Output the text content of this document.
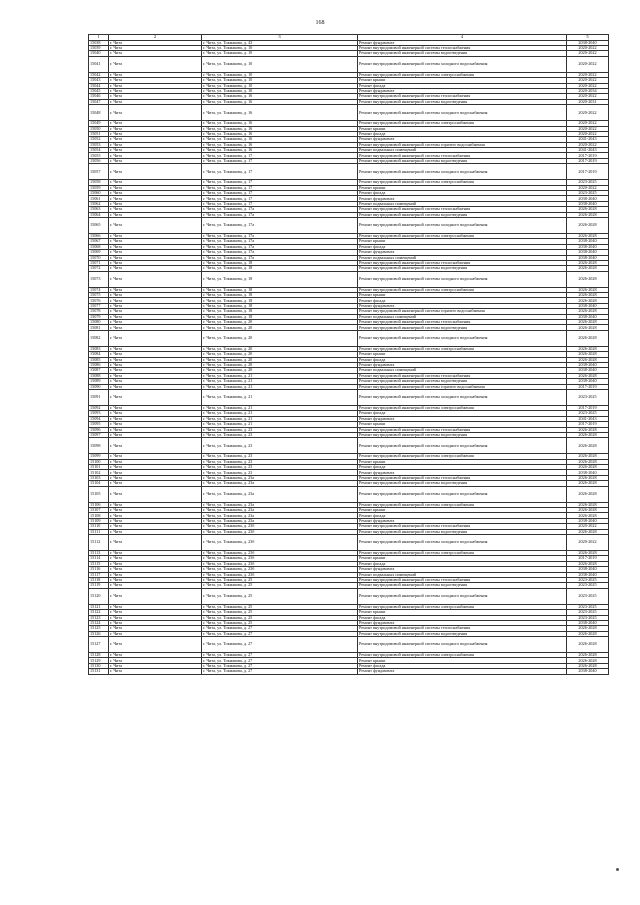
168
1	2	3	4	5
15038	г. Чита	г. Чита, ул. Токмакова, д. 43	Ремонт фундамента	2038-2040
15039	г. Чита	г. Чита, ул. Токмакова, д. 10	Ремонт внутридомовой инженерной системы теплоснабжения	2020-2022
15040	г. Чита	г. Чита, ул. Токмакова, д. 10	Ремонт внутридомовой инженерной системы водоотведения	2020-2022
15041	г. Чита	г. Чита, ул. Токмакова, д. 10	Ремонт внутридомовой инженерной системы холодного водоснабжения	2020-2022
15042	г. Чита	г. Чита, ул. Токмакова, д. 10	Ремонт внутридомовой инженерной системы электроснабжения	2020-2022
15043	г. Чита	г. Чита, ул. Токмакова, д. 10	Ремонт крыши	2020-2022
15044	г. Чита	г. Чита, ул. Токмакова, д. 10	Ремонт фасада	2020-2022
15045	г. Чита	г. Чита, ул. Токмакова, д. 10	Ремонт фундамента	2020-2034
15046	г. Чита	г. Чита, ул. Токмакова, д. 16	Ремонт внутридомовой инженерной системы теплоснабжения	2020-2022
15047	г. Чита	г. Чита, ул. Токмакова, д. 16	Ремонт внутридомовой инженерной системы водоотведения	2020-2031
15048	г. Чита	г. Чита, ул. Токмакова, д. 16	Ремонт внутридомовой инженерной системы холодного водоснабжения	2020-2022
15049	г. Чита	г. Чита, ул. Токмакова, д. 16	Ремонт внутридомовой инженерной системы электроснабжения	2020-2022
15050	г. Чита	г. Чита, ул. Токмакова, д. 16	Ремонт крыши	2020-2022
15051	г. Чита	г. Чита, ул. Токмакова, д. 16	Ремонт фасада	2020-2022
15052	г. Чита	г. Чита, ул. Токмакова, д. 16	Ремонт фундамента	2041-2043
15053	г. Чита	г. Чита, ул. Токмакова, д. 16	Ремонт внутридомовой инженерной системы горячего водоснабжения	2020-2022
15054	г. Чита	г. Чита, ул. Токмакова, д. 16	Ремонт подвальных помещений	2041-2043
15055	г. Чита	г. Чита, ул. Токмакова, д. 17	Ремонт внутридомовой инженерной системы теплоснабжения	2017-2019
15056	г. Чита	г. Чита, ул. Токмакова, д. 17	Ремонт внутридомовой инженерной системы водоотведения	2017-2019
15057	г. Чита	г. Чита, ул. Токмакова, д. 17	Ремонт внутридомовой инженерной системы холодного водоснабжения	2017-2019
15058	г. Чита	г. Чита, ул. Токмакова, д. 17	Ремонт внутридомовой инженерной системы электроснабжения	2023-2025
15059	г. Чита	г. Чита, ул. Токмакова, д. 17	Ремонт крыши	2020-2022
15060	г. Чита	г. Чита, ул. Токмакова, д. 17	Ремонт фасада	2023-2025
15061	г. Чита	г. Чита, ул. Токмакова, д. 17	Ремонт фундамента	2038-2040
15062	г. Чита	г. Чита, ул. Токмакова, д. 17	Ремонт подвальных помещений	2038-2040
15063	г. Чита	г. Чита, ул. Токмакова, д. 17а	Ремонт внутридомовой инженерной системы теплоснабжения	2026-2028
15064	г. Чита	г. Чита, ул. Токмакова, д. 17а	Ремонт внутридомовой инженерной системы водоотведения	2026-2028
15065	г. Чита	г. Чита, ул. Токмакова, д. 17а	Ремонт внутридомовой инженерной системы холодного водоснабжения	2026-2028
15066	г. Чита	г. Чита, ул. Токмакова, д. 17а	Ремонт внутридомовой инженерной системы электроснабжения	2026-2028
15067	г. Чита	г. Чита, ул. Токмакова, д. 17а	Ремонт крыши	2038-2040
15068	г. Чита	г. Чита, ул. Токмакова, д. 17а	Ремонт фасада	2038-2040
15069	г. Чита	г. Чита, ул. Токмакова, д. 17а	Ремонт фундамента	2038-2040
15070	г. Чита	г. Чита, ул. Токмакова, д. 17а	Ремонт подвальных помещений	2038-2040
15071	г. Чита	г. Чита, ул. Токмакова, д. 18	Ремонт внутридомовой инженерной системы теплоснабжения	2026-2028
15072	г. Чита	г. Чита, ул. Токмакова, д. 18	Ремонт внутридомовой инженерной системы водоотведения	2026-2028
15073	г. Чита	г. Чита, ул. Токмакова, д. 18	Ремонт внутридомовой инженерной системы холодного водоснабжения	2026-2028
15074	г. Чита	г. Чита, ул. Токмакова, д. 18	Ремонт внутридомовой инженерной системы электроснабжения	2026-2028
15075	г. Чита	г. Чита, ул. Токмакова, д. 18	Ремонт крыши	2026-2028
15076	г. Чита	г. Чита, ул. Токмакова, д. 18	Ремонт фасада	2026-2028
15077	г. Чита	г. Чита, ул. Токмакова, д. 18	Ремонт фундамента	2038-2040
15078	г. Чита	г. Чита, ул. Токмакова, д. 18	Ремонт внутридомовой инженерной системы горячего водоснабжения	2026-2028
15079	г. Чита	г. Чита, ул. Токмакова, д. 18	Ремонт подвальных помещений	2038-2040
15080	г. Чита	г. Чита, ул. Токмакова, д. 20	Ремонт внутридомовой инженерной системы теплоснабжения	2026-2028
15081	г. Чита	г. Чита, ул. Токмакова, д. 20	Ремонт внутридомовой инженерной системы водоотведения	2026-2028
15082	г. Чита	г. Чита, ул. Токмакова, д. 20	Ремонт внутридомовой инженерной системы холодного водоснабжения	2026-2028
15083	г. Чита	г. Чита, ул. Токмакова, д. 20	Ремонт внутридомовой инженерной системы электроснабжения	2026-2028
15084	г. Чита	г. Чита, ул. Токмакова, д. 20	Ремонт крыши	2026-2028
15085	г. Чита	г. Чита, ул. Токмакова, д. 20	Ремонт фасада	2026-2028
15086	г. Чита	г. Чита, ул. Токмакова, д. 20	Ремонт фундамента	2038-2040
15087	г. Чита	г. Чита, ул. Токмакова, д. 20	Ремонт подвальных помещений	2038-2040
15088	г. Чита	г. Чита, ул. Токмакова, д. 21	Ремонт внутридомовой инженерной системы теплоснабжения	2026-2028
15089	г. Чита	г. Чита, ул. Токмакова, д. 21	Ремонт внутридомовой инженерной системы водоотведения	2038-2040
15090	г. Чита	г. Чита, ул. Токмакова, д. 21	Ремонт внутридомовой инженерной системы горячего водоснабжения	2017-2019
15091	г. Чита	г. Чита, ул. Токмакова, д. 21	Ремонт внутридомовой инженерной системы холодного водоснабжения	2023-2025
15092	г. Чита	г. Чита, ул. Токмакова, д. 21	Ремонт внутридомовой инженерной системы электроснабжения	2017-2019
15093	г. Чита	г. Чита, ул. Токмакова, д. 21	Ремонт фасада	2023-2025
15094	г. Чита	г. Чита, ул. Токмакова, д. 21	Ремонт фундамента	2041-2043
15095	г. Чита	г. Чита, ул. Токмакова, д. 21	Ремонт крыши	2017-2019
15096	г. Чита	г. Чита, ул. Токмакова, д. 23	Ремонт внутридомовой инженерной системы теплоснабжения	2026-2028
15097	г. Чита	г. Чита, ул. Токмакова, д. 23	Ремонт внутридомовой инженерной системы водоотведения	2026-2028
15098	г. Чита	г. Чита, ул. Токмакова, д. 23	Ремонт внутридомовой инженерной системы холодного водоснабжения	2026-2028
15099	г. Чита	г. Чита, ул. Токмакова, д. 23	Ремонт внутридомовой инженерной системы электроснабжения	2026-2028
15100	г. Чита	г. Чита, ул. Токмакова, д. 23	Ремонт крыши	2026-2028
15101	г. Чита	г. Чита, ул. Токмакова, д. 23	Ремонт фасада	2026-2028
15102	г. Чита	г. Чита, ул. Токмакова, д. 23	Ремонт фундамента	2038-2040
15103	г. Чита	г. Чита, ул. Токмакова, д. 23а	Ремонт внутридомовой инженерной системы теплоснабжения	2026-2028
15104	г. Чита	г. Чита, ул. Токмакова, д. 23а	Ремонт внутридомовой инженерной системы водоотведения	2026-2028
15105	г. Чита	г. Чита, ул. Токмакова, д. 23а	Ремонт внутридомовой инженерной системы холодного водоснабжения	2026-2028
15106	г. Чита	г. Чита, ул. Токмакова, д. 23а	Ремонт внутридомовой инженерной системы электроснабжения	2026-2028
15107	г. Чита	г. Чита, ул. Токмакова, д. 23а	Ремонт крыши	2026-2028
15108	г. Чита	г. Чита, ул. Токмакова, д. 23а	Ремонт фасада	2026-2028
15109	г. Чита	г. Чита, ул. Токмакова, д. 23а	Ремонт фундамента	2038-2040
15110	г. Чита	г. Чита, ул. Токмакова, д. 23б	Ремонт внутридомовой инженерной системы теплоснабжения	2020-2022
15111	г. Чита	г. Чита, ул. Токмакова, д. 23б	Ремонт внутридомовой инженерной системы водоотведения	2026-2028
15112	г. Чита	г. Чита, ул. Токмакова, д. 23б	Ремонт внутридомовой инженерной системы холодного водоснабжения	2020-2022
15113	г. Чита	г. Чита, ул. Токмакова, д. 23б	Ремонт внутридомовой инженерной системы электроснабжения	2026-2028
15114	г. Чита	г. Чита, ул. Токмакова, д. 23б	Ремонт крыши	2017-2019
15115	г. Чита	г. Чита, ул. Токмакова, д. 23б	Ремонт фасада	2026-2028
15116	г. Чита	г. Чита, ул. Токмакова, д. 23б	Ремонт фундамента	2038-2040
15117	г. Чита	г. Чита, ул. Токмакова, д. 23б	Ремонт подвальных помещений	2038-2040
15118	г. Чита	г. Чита, ул. Токмакова, д. 25	Ремонт внутридомовой инженерной системы теплоснабжения	2023-2025
15119	г. Чита	г. Чита, ул. Токмакова, д. 25	Ремонт внутридомовой инженерной системы водоотведения	2023-2025
15120	г. Чита	г. Чита, ул. Токмакова, д. 25	Ремонт внутридомовой инженерной системы холодного водоснабжения	2023-2025
15121	г. Чита	г. Чита, ул. Токмакова, д. 25	Ремонт внутридомовой инженерной системы электроснабжения	2023-2025
15122	г. Чита	г. Чита, ул. Токмакова, д. 25	Ремонт крыши	2023-2025
15123	г. Чита	г. Чита, ул. Токмакова, д. 25	Ремонт фасада	2023-2025
15124	г. Чита	г. Чита, ул. Токмакова, д. 25	Ремонт фундамента	2038-2040
15125	г. Чита	г. Чита, ул. Токмакова, д. 27	Ремонт внутридомовой инженерной системы теплоснабжения	2026-2028
15126	г. Чита	г. Чита, ул. Токмакова, д. 27	Ремонт внутридомовой инженерной системы водоотведения	2026-2028
15127	г. Чита	г. Чита, ул. Токмакова, д. 27	Ремонт внутридомовой инженерной системы холодного водоснабжения	2026-2028
15128	г. Чита	г. Чита, ул. Токмакова, д. 27	Ремонт внутридомовой инженерной системы электроснабжения	2026-2028
15129	г. Чита	г. Чита, ул. Токмакова, д. 27	Ремонт крыши	2026-2028
15130	г. Чита	г. Чита, ул. Токмакова, д. 27	Ремонт фасада	2026-2028
15131	г. Чита	г. Чита, ул. Токмакова, д. 27	Ремонт фундамента	2038-2040
